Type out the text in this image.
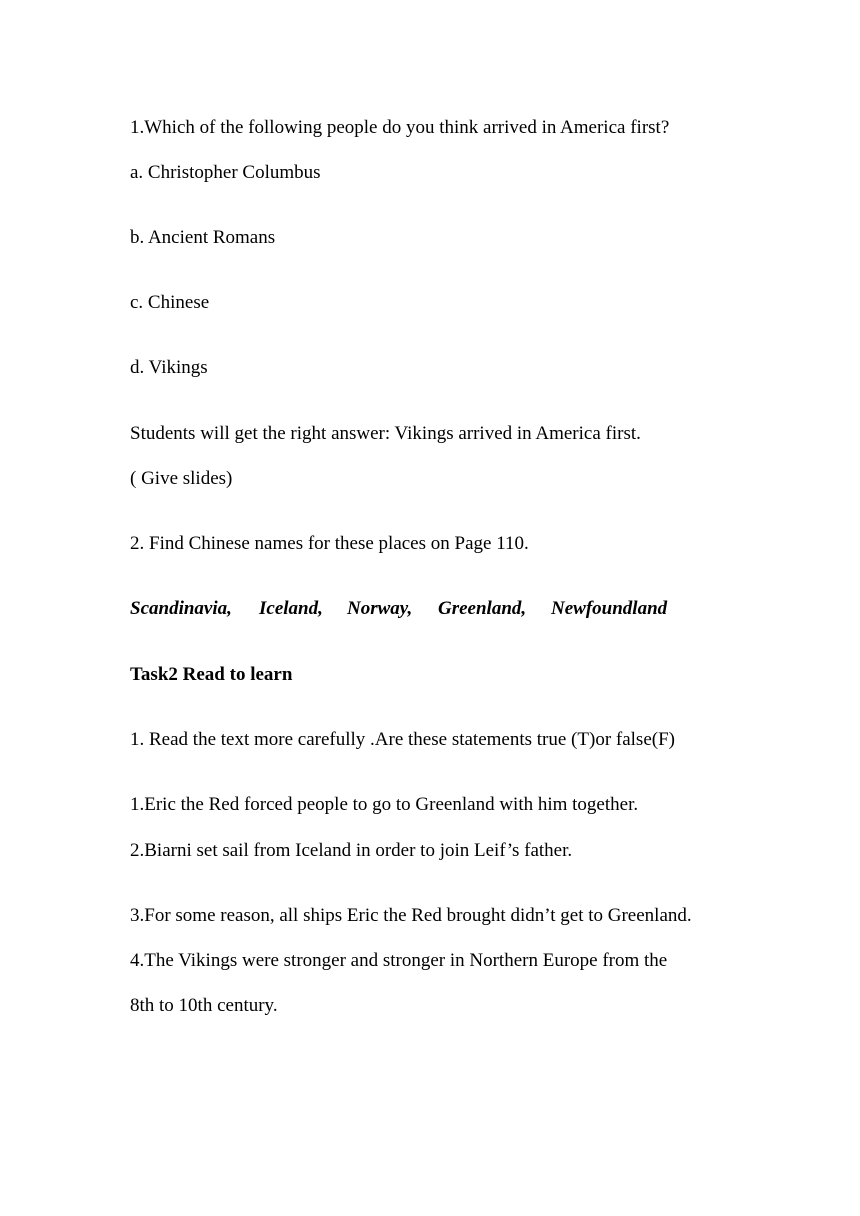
1.Which of the following people do you think arrived in America first?
a. Christopher Columbus
b. Ancient Romans
c. Chinese
d. Vikings
Students will get the right answer: Vikings arrived in America first.
( Give slides)
2. Find Chinese names for these places on Page 110.
Scandinavia, Iceland, Norway, Greenland, Newfoundland
Task2 Read to learn
1. Read the text more carefully .Are these statements true (T)or false(F)
1.Eric the Red forced people to go to Greenland with him together.
2.Biarni set sail from Iceland in order to join Leif’s father.
3.For some reason, all ships Eric the Red brought didn’t get to Greenland.
4.The Vikings were stronger and stronger in Northern Europe from the
8th to 10th century.
